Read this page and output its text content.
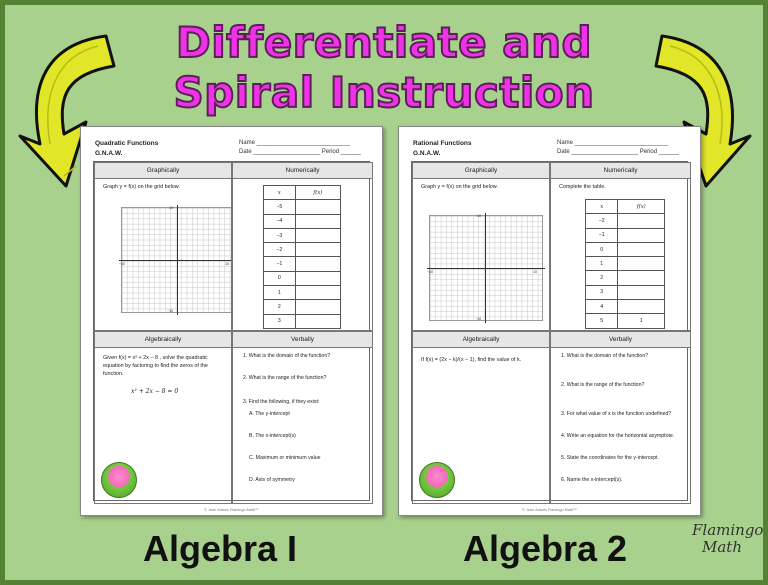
Differentiate and
Spiral Instruction
Quadratic Functions
G.N.A.W.
Name ____________________________
Date ____________________ Period ______
Graphically
Graph y = f(x) on the grid below.
−10	10
10
−10
Numerically
x	f(x)
−5	
−4	
−3	
−2	
−1	
0	
1	
2	
3	
Algebraically
Given f(x) = x² + 2x − 8 , solve the quadratic equation by factoring to find the zeros of the function.
x² + 2x − 8 = 0
Verbally
1. What is the domain of the function?
2. What is the range of the function?
3. Find the following, if they exist:
A. The y-intercept
B. The x-intercept(s)
C. Maximum or minimum value
D. Axis of symmetry
© Jean Adams Flamingo Math™
Rational Functions
G.N.A.W.
Name ____________________________
Date ____________________ Period ______
Graphically
Graph y = f(x) on the grid below.
−10	10
10
−10
Numerically
Complete the table.
x	f(x)
−2	
−1	
0	
1	
2	
3	
4	
5	1
Algebraically
If f(x) = (2x − k)/(x − 1), find the value of k.
Verbally
1. What is the domain of the function?
2. What is the range of the function?
3. For what value of x is the function undefined?
4. Write an equation for the horizontal asymptote.
5. State the coordinates for the y-intercept.
6. Name the x-intercept(s).
© Jean Adams Flamingo Math™
Algebra I	Algebra 2	Flamingo
Math
